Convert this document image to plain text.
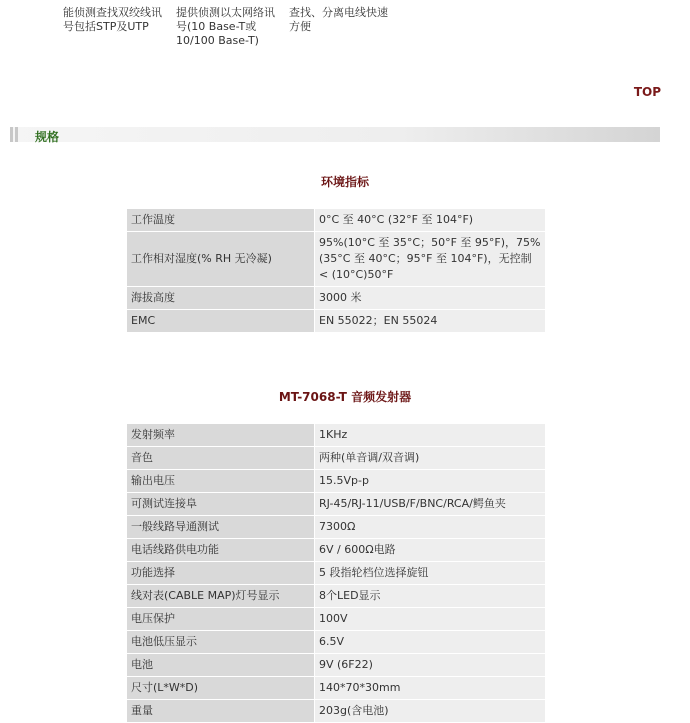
能侦测查找双绞线讯号包括STP及UTP
提供侦测以太网络讯号(10 Base-T或10/100 Base-T)
查找、分离电线快速方便
TOP
规格
环境指标
工作温度	0°C 至 40°C (32°F 至 104°F)
工作相对湿度(% RH 无冷凝)	95%(10°C 至 35°C；50°F 至 95°F)，75%(35°C 至 40°C；95°F 至 104°F)，无控制 < (10°C)50°F
海拔高度	3000 米
EMC	EN 55022；EN 55024
MT-7068-T 音频发射器
发射频率	1KHz
音色	两种(单音调/双音调)
输出电压	15.5Vp-p
可测试连接阜	RJ-45/RJ-11/USB/F/BNC/RCA/鳄鱼夹
一般线路导通测试	7300Ω
电话线路供电功能	6V / 600Ω电路
功能选择	5 段指轮档位选择旋钮
线对表(CABLE MAP)灯号显示	8个LED显示
电压保护	100V
电池低压显示	6.5V
电池	9V (6F22)
尺寸(L*W*D)	140*70*30mm
重量	203g(含电池)
